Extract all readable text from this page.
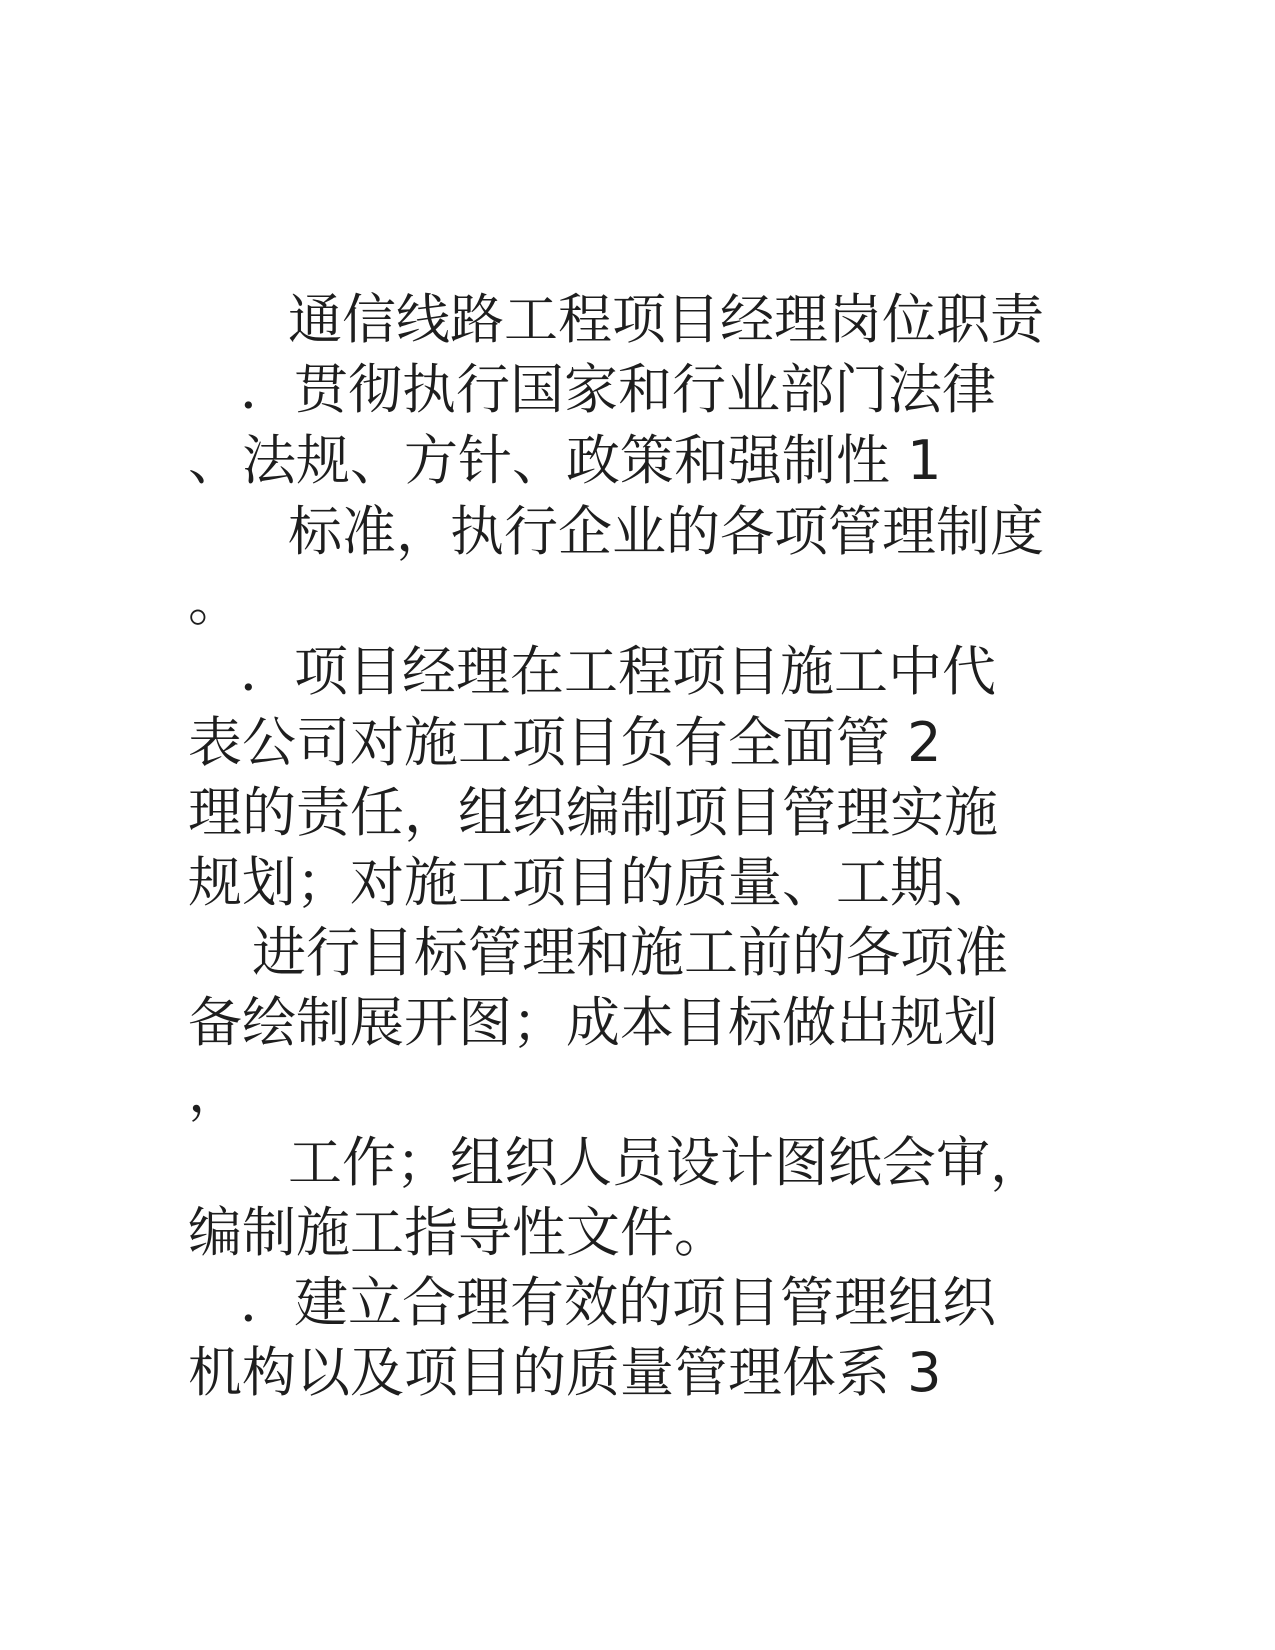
通信线路工程项目经理岗位职责
．贯彻执行国家和行业部门法律
、法规、方针、政策和强制性 1
标准，执行企业的各项管理制度
。
．项目经理在工程项目施工中代
表公司对施工项目负有全面管 2
理的责任，组织编制项目管理实施
规划；对施工项目的质量、工期、
进行目标管理和施工前的各项准
备绘制展开图；成本目标做出规划
，
工作；组织人员设计图纸会审，
编制施工指导性文件。
．建立合理有效的项目管理组织
机构以及项目的质量管理体系 3
